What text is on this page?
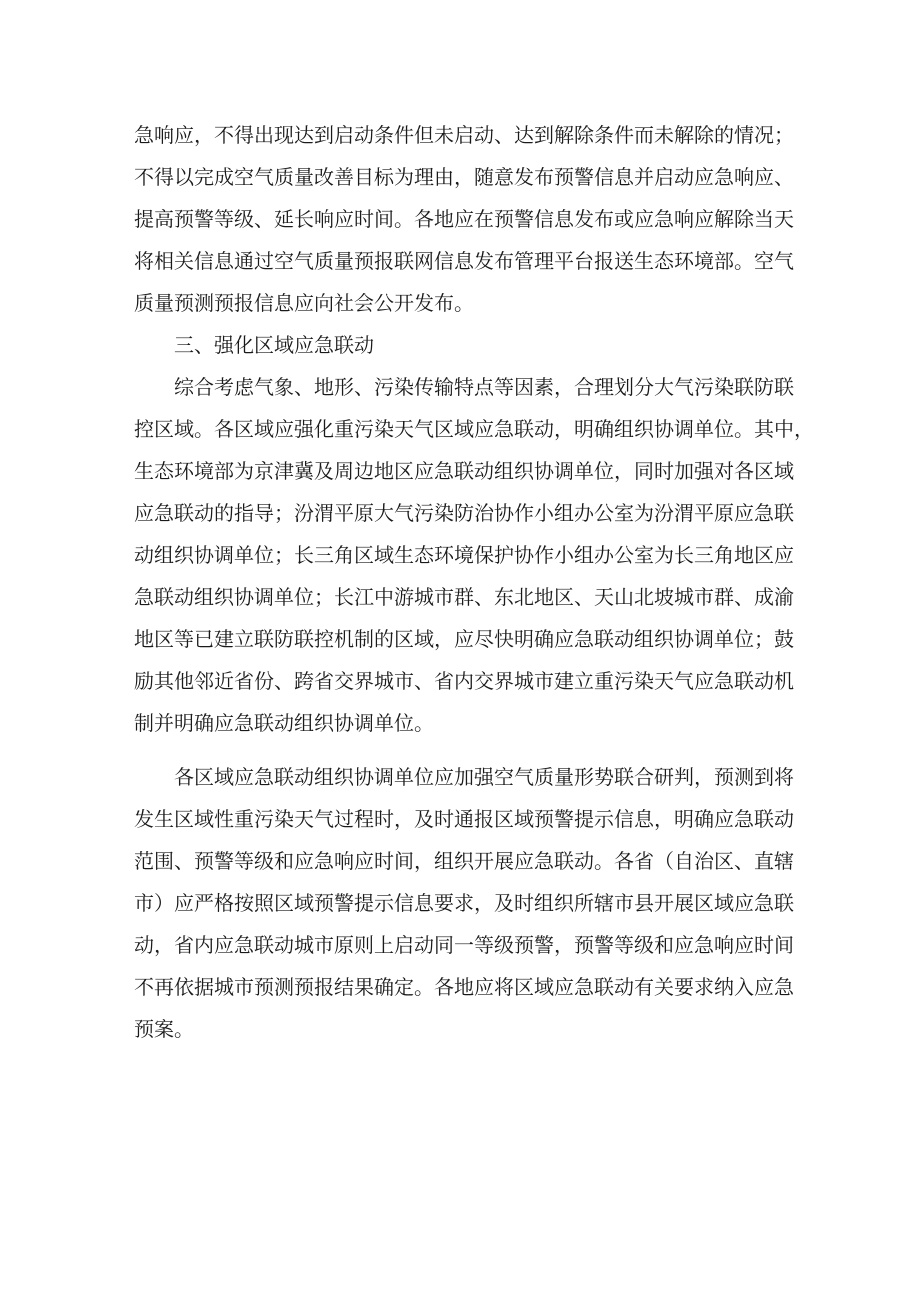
急响应，不得出现达到启动条件但未启动、达到解除条件而未解除的情况；
不得以完成空气质量改善目标为理由，随意发布预警信息并启动应急响应、
提高预警等级、延长响应时间。各地应在预警信息发布或应急响应解除当天
将相关信息通过空气质量预报联网信息发布管理平台报送生态环境部。空气
质量预测预报信息应向社会公开发布。
三、强化区域应急联动
综合考虑气象、地形、污染传输特点等因素，合理划分大气污染联防联
控区域。各区域应强化重污染天气区域应急联动，明确组织协调单位。其中，
生态环境部为京津冀及周边地区应急联动组织协调单位，同时加强对各区域
应急联动的指导；汾渭平原大气污染防治协作小组办公室为汾渭平原应急联
动组织协调单位；长三角区域生态环境保护协作小组办公室为长三角地区应
急联动组织协调单位；长江中游城市群、东北地区、天山北坡城市群、成渝
地区等已建立联防联控机制的区域，应尽快明确应急联动组织协调单位；鼓
励其他邻近省份、跨省交界城市、省内交界城市建立重污染天气应急联动机
制并明确应急联动组织协调单位。
各区域应急联动组织协调单位应加强空气质量形势联合研判，预测到将
发生区域性重污染天气过程时，及时通报区域预警提示信息，明确应急联动
范围、预警等级和应急响应时间，组织开展应急联动。各省（自治区、直辖
市）应严格按照区域预警提示信息要求，及时组织所辖市县开展区域应急联
动，省内应急联动城市原则上启动同一等级预警，预警等级和应急响应时间
不再依据城市预测预报结果确定。各地应将区域应急联动有关要求纳入应急
预案。
